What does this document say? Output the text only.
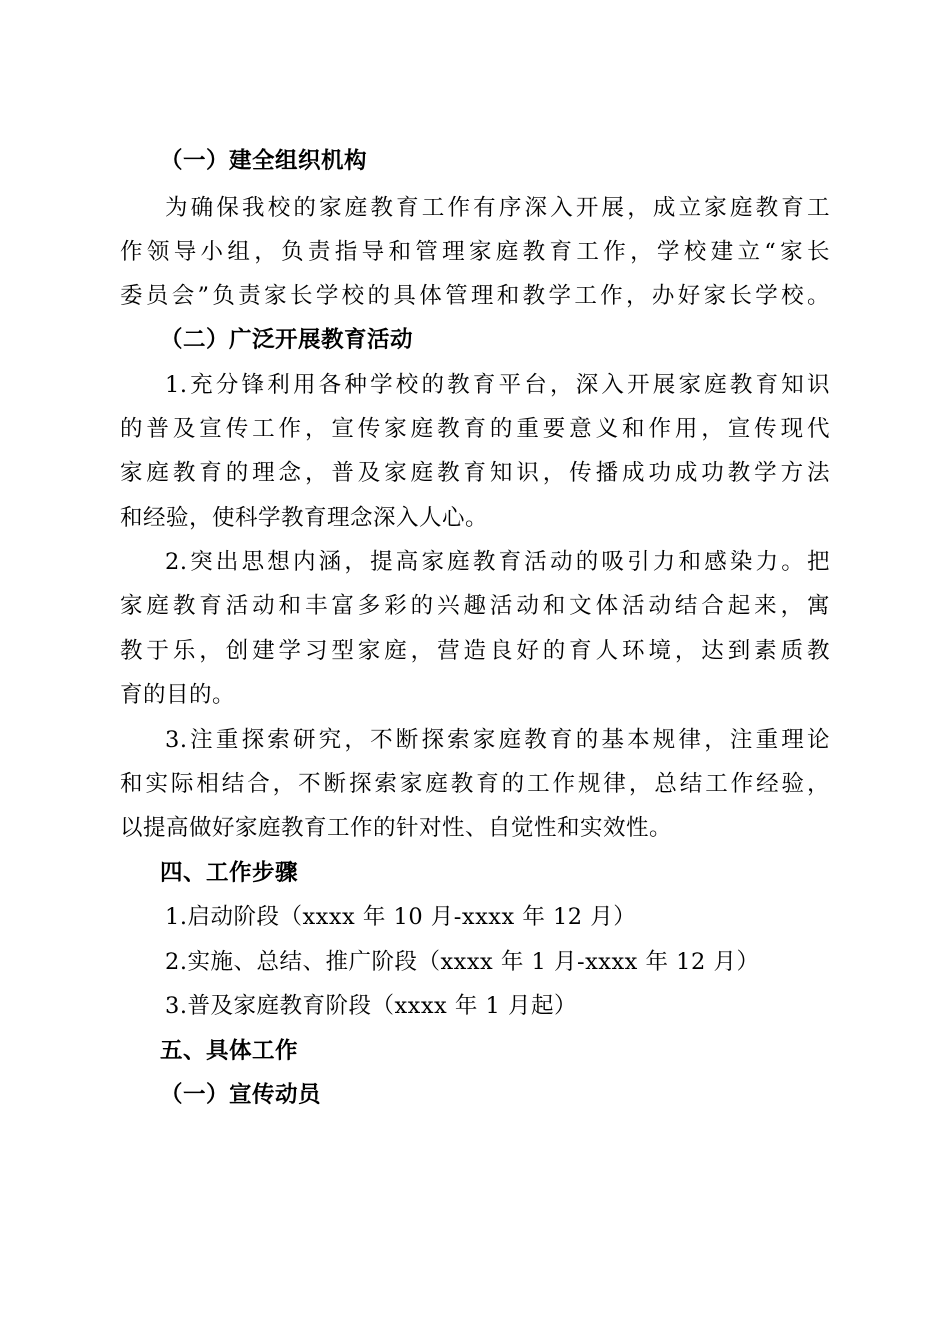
（一）建全组织机构
为确保我校的家庭教育工作有序深入开展，成立家庭教育工
作领导小组，负责指导和管理家庭教育工作，学校建立“家长
委员会”负责家长学校的具体管理和教学工作，办好家长学校。
（二）广泛开展教育活动
1.充分锋利用各种学校的教育平台，深入开展家庭教育知识
的普及宣传工作，宣传家庭教育的重要意义和作用，宣传现代
家庭教育的理念，普及家庭教育知识，传播成功成功教学方法
和经验，使科学教育理念深入人心。
2.突出思想内涵，提高家庭教育活动的吸引力和感染力。把
家庭教育活动和丰富多彩的兴趣活动和文体活动结合起来，寓
教于乐，创建学习型家庭，营造良好的育人环境，达到素质教
育的目的。
3.注重探索研究，不断探索家庭教育的基本规律，注重理论
和实际相结合，不断探索家庭教育的工作规律，总结工作经验，
以提高做好家庭教育工作的针对性、自觉性和实效性。
四、工作步骤
1.启动阶段（xxxx 年 10 月-xxxx 年 12 月）
2.实施、总结、推广阶段（xxxx 年 1 月-xxxx 年 12 月）
3.普及家庭教育阶段（xxxx 年 1 月起）
五、具体工作
（一）宣传动员
